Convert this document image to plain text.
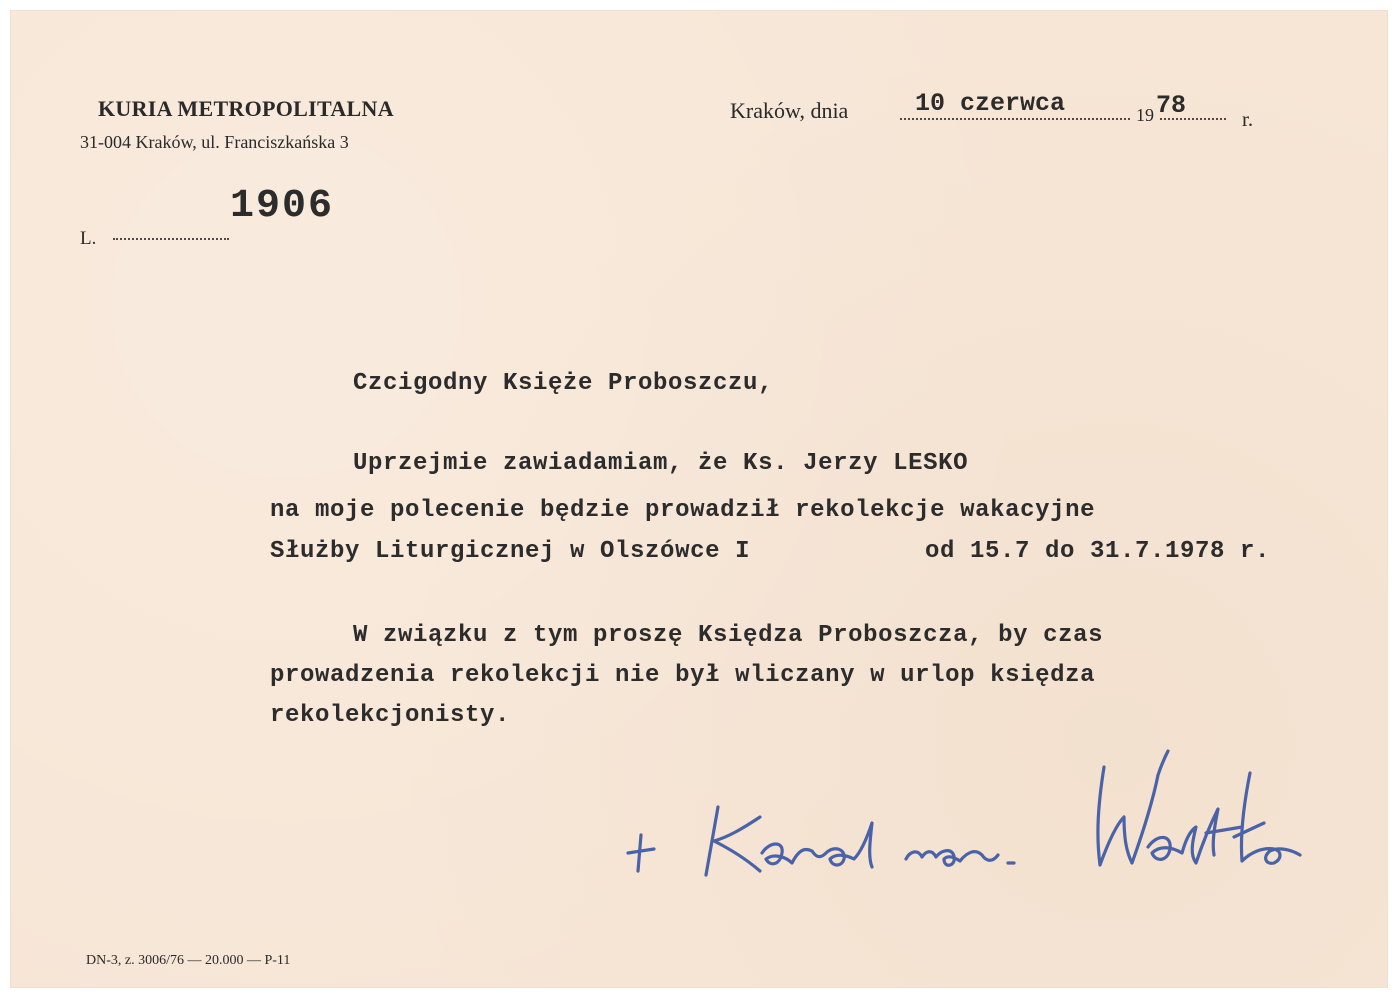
KURIA METROPOLITALNA
31-004 Kraków, ul. Franciszkańska 3
Kraków, dnia	10 czerwca	19 78	r.
L.
1906
Czcigodny Księże Proboszczu,
Uprzejmie zawiadamiam, że Ks. Jerzy LESKO
na moje polecenie będzie prowadził rekolekcje wakacyjne
Służby Liturgicznej w Olszówce I	od 15.7 do 31.7.1978 r.
W związku z tym proszę Księdza Proboszcza, by czas
prowadzenia rekolekcji nie był wliczany w urlop księdza
rekolekcjonisty.
DN-3, z. 3006/76 — 20.000 — P-11
